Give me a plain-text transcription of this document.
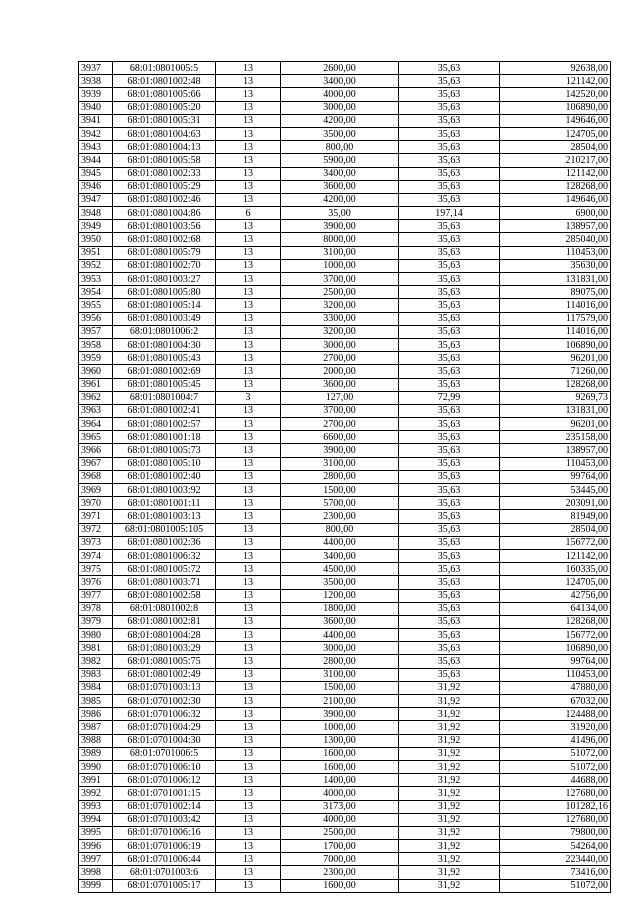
3937	68:01:0801005:5	13	2600,00	35,63	92638,00
3938	68:01:0801002:48	13	3400,00	35,63	121142,00
3939	68:01:0801005:66	13	4000,00	35,63	142520,00
3940	68:01:0801005:20	13	3000,00	35,63	106890,00
3941	68:01:0801005:31	13	4200,00	35,63	149646,00
3942	68:01:0801004:63	13	3500,00	35,63	124705,00
3943	68:01:0801004:13	13	800,00	35,63	28504,00
3944	68:01:0801005:58	13	5900,00	35,63	210217,00
3945	68:01:0801002:33	13	3400,00	35,63	121142,00
3946	68:01:0801005:29	13	3600,00	35,63	128268,00
3947	68:01:0801002:46	13	4200,00	35,63	149646,00
3948	68:01:0801004:86	6	35,00	197,14	6900,00
3949	68:01:0801003:56	13	3900,00	35,63	138957,00
3950	68:01:0801002:68	13	8000,00	35,63	285040,00
3951	68:01:0801005:79	13	3100,00	35,63	110453,00
3952	68:01:0801002:70	13	1000,00	35,63	35630,00
3953	68:01:0801003:27	13	3700,00	35,63	131831,00
3954	68:01:0801005:80	13	2500,00	35,63	89075,00
3955	68:01:0801005:14	13	3200,00	35,63	114016,00
3956	68:01:0801003:49	13	3300,00	35,63	117579,00
3957	68:01:0801006:2	13	3200,00	35,63	114016,00
3958	68:01:0801004:30	13	3000,00	35,63	106890,00
3959	68:01:0801005:43	13	2700,00	35,63	96201,00
3960	68:01:0801002:69	13	2000,00	35,63	71260,00
3961	68:01:0801005:45	13	3600,00	35,63	128268,00
3962	68:01:0801004:7	3	127,00	72,99	9269,73
3963	68:01:0801002:41	13	3700,00	35,63	131831,00
3964	68:01:0801002:57	13	2700,00	35,63	96201,00
3965	68:01:0801001:18	13	6600,00	35,63	235158,00
3966	68:01:0801005:73	13	3900,00	35,63	138957,00
3967	68:01:0801005:10	13	3100,00	35,63	110453,00
3968	68:01:0801002:40	13	2800,00	35,63	99764,00
3969	68:01:0801003:92	13	1500,00	35,63	53445,00
3970	68:01:0801001:11	13	5700,00	35,63	203091,00
3971	68:01:0801003:13	13	2300,00	35,63	81949,00
3972	68:01:0801005:105	13	800,00	35,63	28504,00
3973	68:01:0801002:36	13	4400,00	35,63	156772,00
3974	68:01:0801006:32	13	3400,00	35,63	121142,00
3975	68:01:0801005:72	13	4500,00	35,63	160335,00
3976	68:01:0801003:71	13	3500,00	35,63	124705,00
3977	68:01:0801002:58	13	1200,00	35,63	42756,00
3978	68:01:0801002:8	13	1800,00	35,63	64134,00
3979	68:01:0801002:81	13	3600,00	35,63	128268,00
3980	68:01:0801004:28	13	4400,00	35,63	156772,00
3981	68:01:0801003:29	13	3000,00	35,63	106890,00
3982	68:01:0801005:75	13	2800,00	35,63	99764,00
3983	68:01:0801002:49	13	3100,00	35,63	110453,00
3984	68:01:0701003:13	13	1500,00	31,92	47880,00
3985	68:01:0701002:30	13	2100,00	31,92	67032,00
3986	68:01:0701006:32	13	3900,00	31,92	124488,00
3987	68:01:0701004:29	13	1000,00	31,92	31920,00
3988	68:01:0701004:30	13	1300,00	31,92	41496,00
3989	68:01:0701006:5	13	1600,00	31,92	51072,00
3990	68:01:0701006:10	13	1600,00	31,92	51072,00
3991	68:01:0701006:12	13	1400,00	31,92	44688,00
3992	68:01:0701001:15	13	4000,00	31,92	127680,00
3993	68:01:0701002:14	13	3173,00	31,92	101282,16
3994	68:01:0701003:42	13	4000,00	31,92	127680,00
3995	68:01:0701006:16	13	2500,00	31,92	79800,00
3996	68:01:0701006:19	13	1700,00	31,92	54264,00
3997	68:01:0701006:44	13	7000,00	31,92	223440,00
3998	68:01:0701003:6	13	2300,00	31,92	73416,00
3999	68:01:0701005:17	13	1600,00	31,92	51072,00
